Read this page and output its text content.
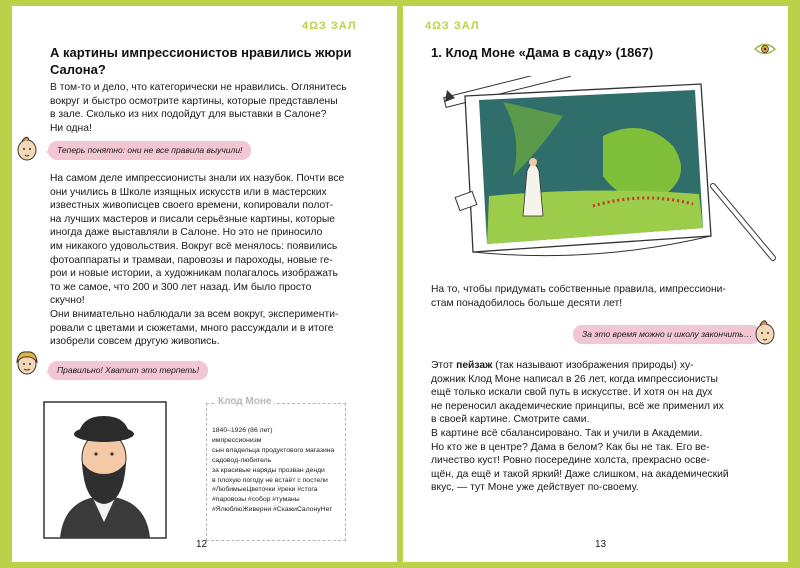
4ΩЗ ЗАЛ
А картины импрессионистов нравились жюри
Салона?
В том-то и дело, что категорически не нравились. Оглянитесь
вокруг и быстро осмотрите картины, которые представлены
в зале. Сколько из них подойдут для выставки в Салоне?
Ни одна!
Теперь понятно: они не все правила выучили!
На самом деле импрессионисты знали их назубок. Почти все
они учились в Школе изящных искусств или в мастерских
известных живописцев своего времени, копировали полот-
на лучших мастеров и писали серьёзные картины, которые
иногда даже выставляли в Салоне. Но это не приносило
им никакого удовольствия. Вокруг всё менялось: появились
фотоаппараты и трамваи, паровозы и пароходы, новые ге-
рои и новые истории, а художникам полагалось изображать
то же самое, что 200 и 300 лет назад. Им было просто
скучно!
Они внимательно наблюдали за всем вокруг, эксперименти-
ровали с цветами и сюжетами, много рассуждали и в итоге
изобрели совсем другую живопись.
Правильно! Хватит это терпеть!
Клод Моне
1840–1926 (86 лет)
импрессионизм
сын владельца продуктового магазина
садовод-любитель
за красивые наряды прозван денди
в плохую погоду не встаёт с постели
#ЛюбимыеЦветочки #реки #стога
#паровозы #собор #туманы
#ЯлюблюЖиверни #СкажиСалонуНет
12
4ΩЗ ЗАЛ
1. Клод Моне «Дама в саду» (1867)
На то, чтобы придумать собственные правила, импрессиони-
стам понадобилось больше десяти лет!
За это время можно и школу закончить…
Этот пейзаж (так называют изображения природы) ху-
дожник Клод Моне написал в 26 лет, когда импрессионисты
ещё только искали свой путь в искусстве. И хотя он на дух
не переносил академические принципы, всё же применил их
в своей картине. Смотрите сами.
В картине всё сбалансировано. Так и учили в Академии.
Но кто же в центре? Дама в белом? Как бы не так. Его ве-
личество куст! Ровно посередине холста, прекрасно осве-
щён, да ещё и такой яркий! Даже слишком, на академический
вкус, — тут Моне уже действует по-своему.
13
